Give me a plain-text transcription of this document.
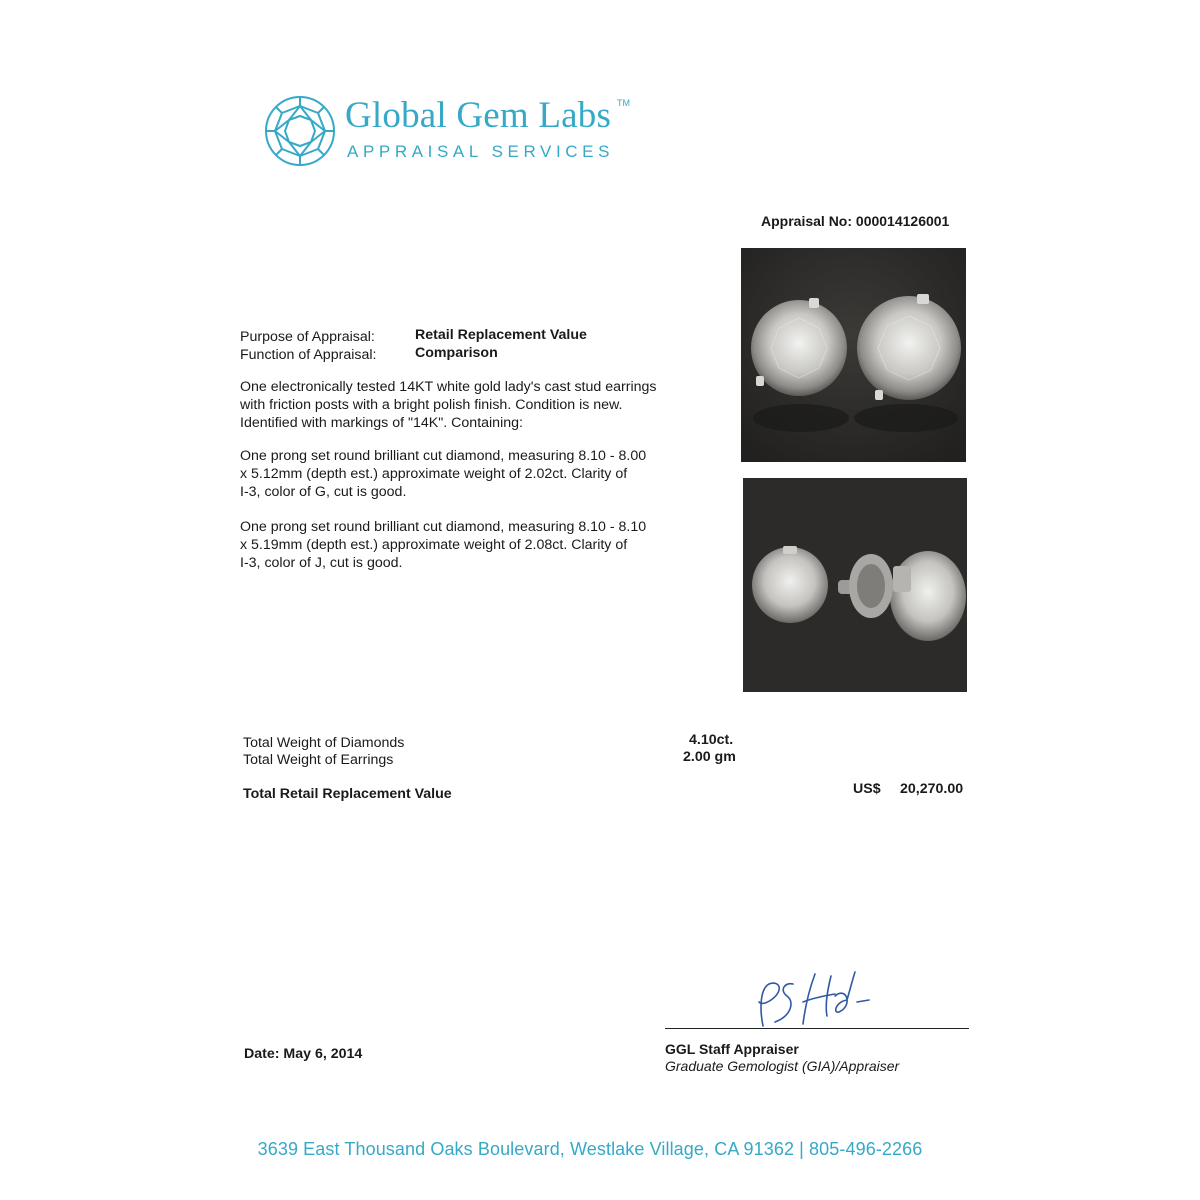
Global Gem Labs TM
APPRAISAL SERVICES
Appraisal No: 000014126001
Purpose of Appraisal:	Retail Replacement Value
Function of Appraisal:	Comparison
One electronically tested 14KT white gold lady's cast stud earrings
with friction posts with a bright polish finish. Condition is new.
Identified with markings of "14K". Containing:
One prong set round brilliant cut diamond, measuring 8.10 - 8.00
x 5.12mm (depth est.) approximate weight of 2.02ct. Clarity of
I-3, color of G, cut is good.
One prong set round brilliant cut diamond, measuring 8.10 - 8.10
x 5.19mm (depth est.) approximate weight of 2.08ct. Clarity of
I-3, color of J, cut is good.
Total Weight of Diamonds	4.10ct.
Total Weight of Earrings	2.00 gm
Total Retail Replacement Value	US$ 20,270.00
GGL Staff Appraiser
Graduate Gemologist (GIA)/Appraiser
Date: May 6, 2014
3639 East Thousand Oaks Boulevard, Westlake Village, CA 91362 | 805-496-2266
